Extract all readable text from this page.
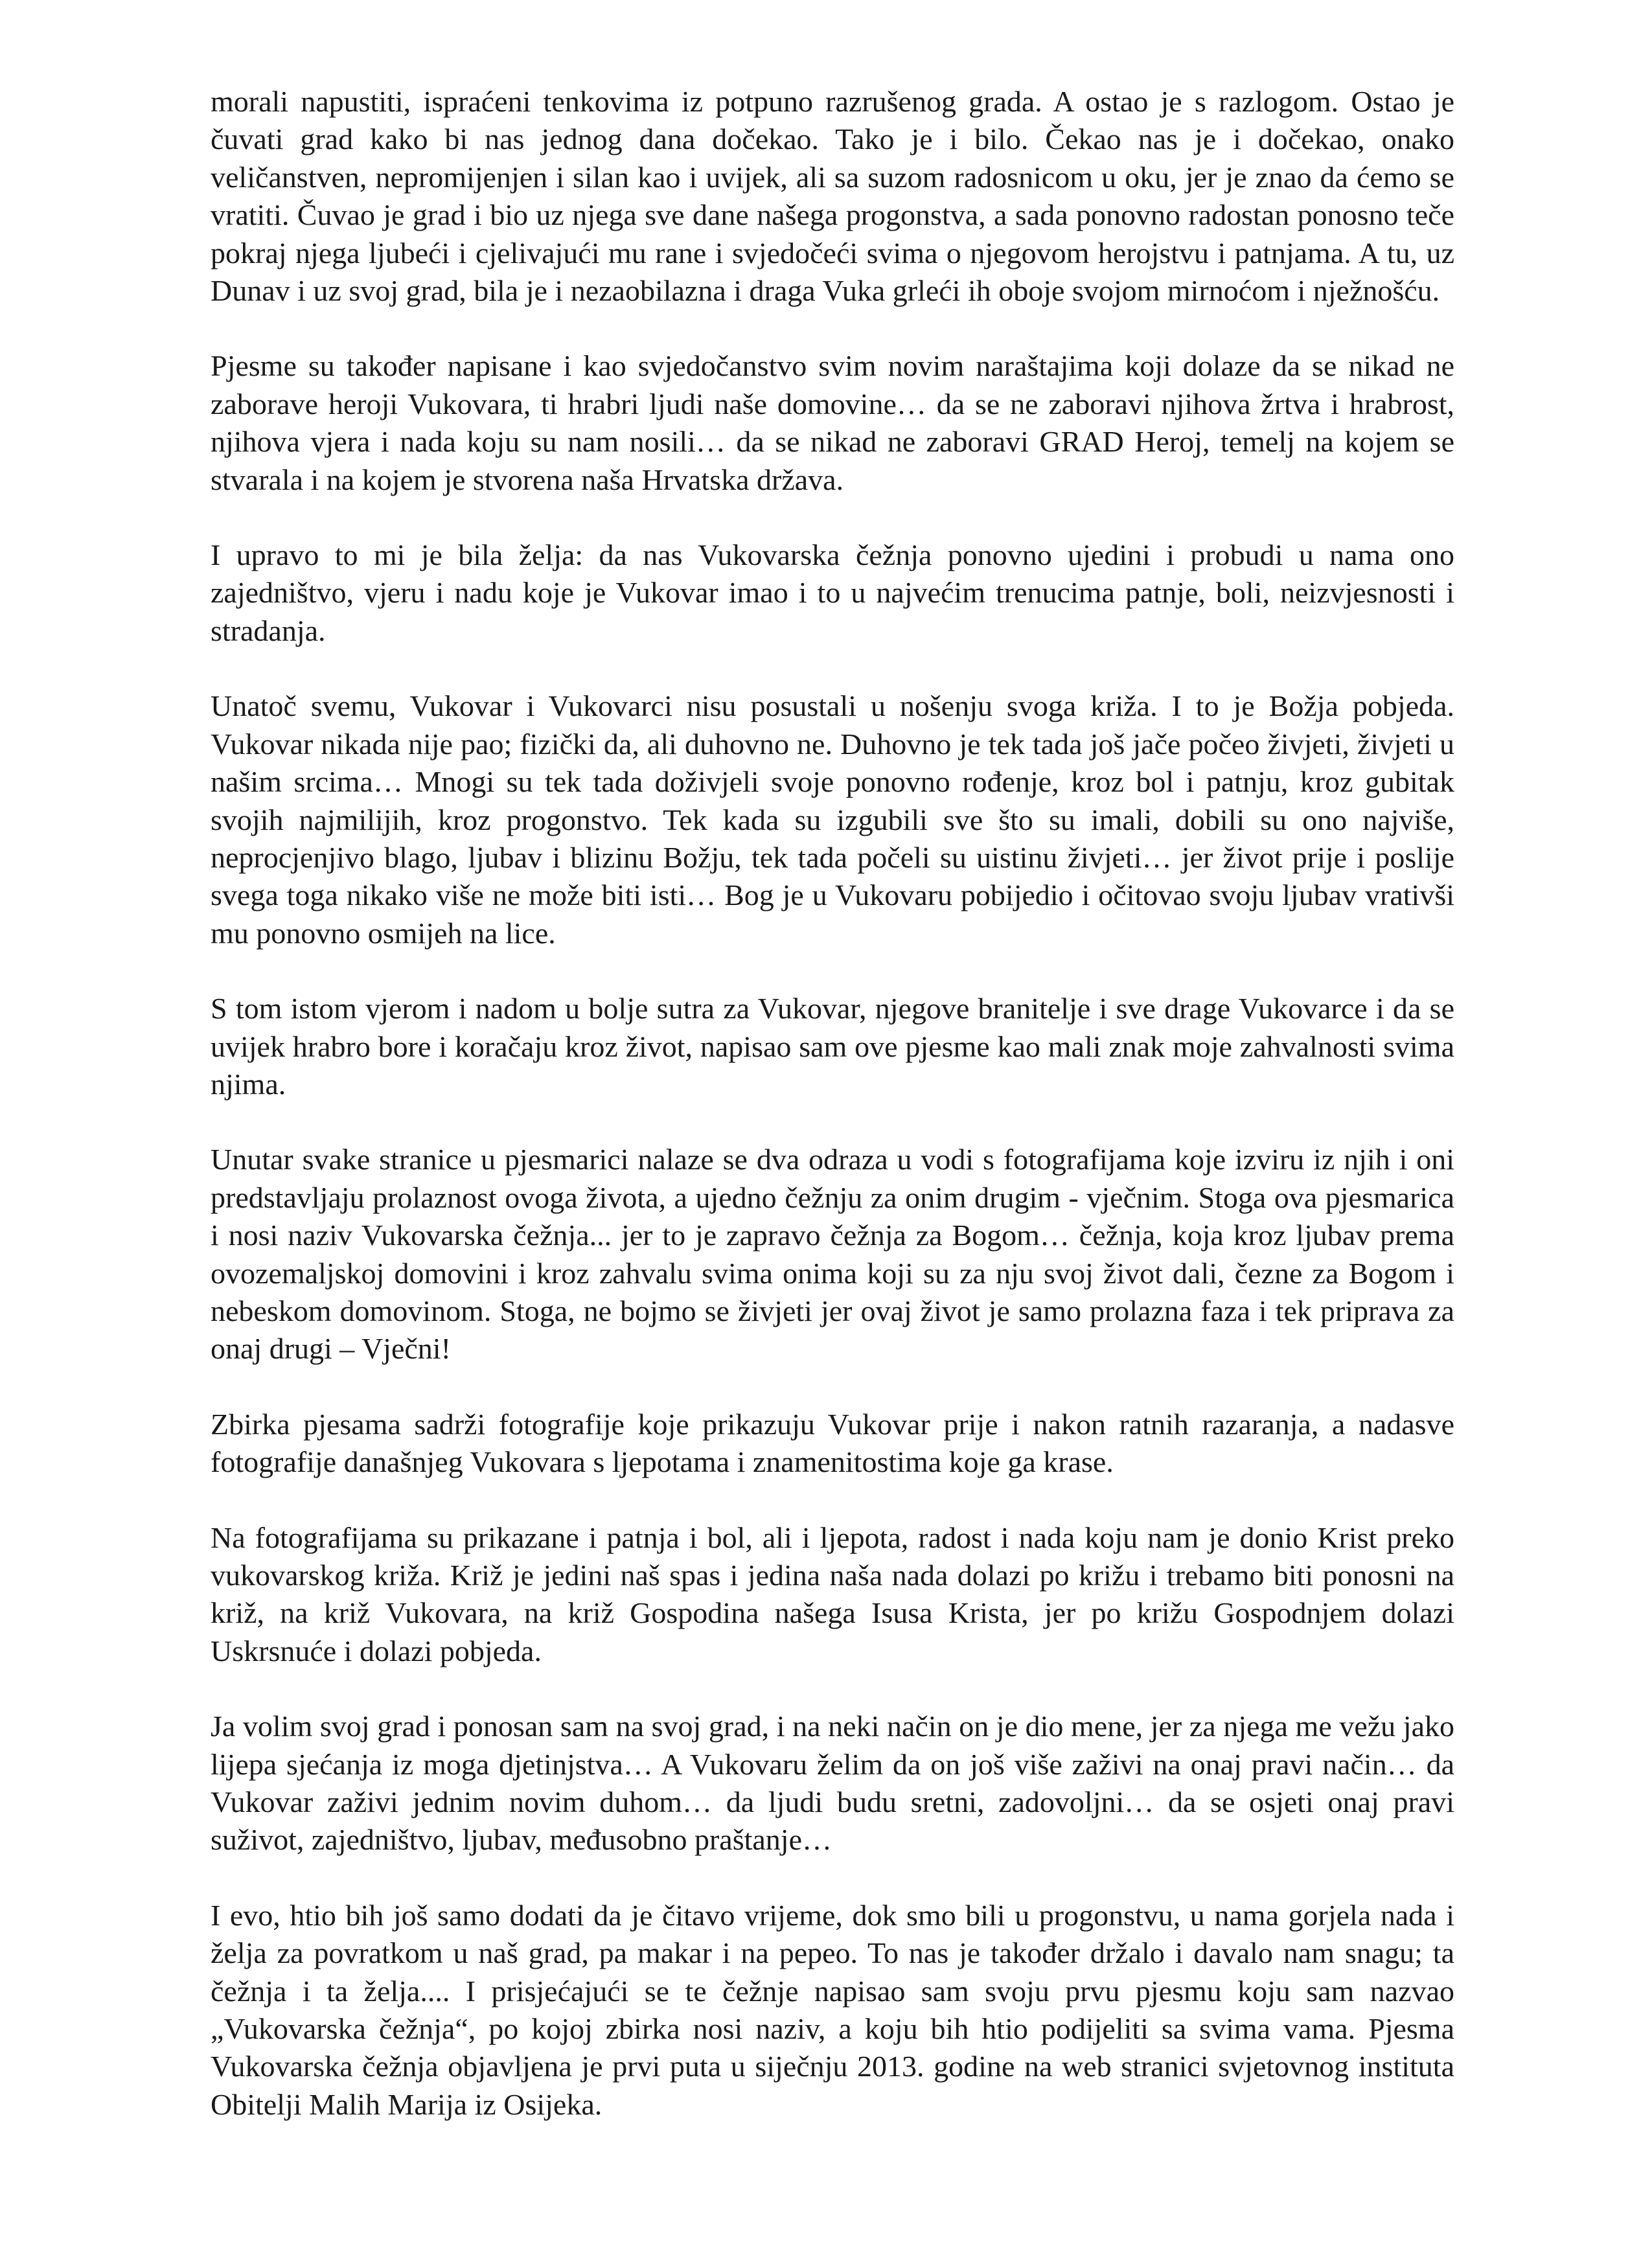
morali napustiti, ispraćeni tenkovima iz potpuno razrušenog grada. A ostao je s razlogom. Ostao je čuvati grad kako bi nas jednog dana dočekao. Tako je i bilo. Čekao nas je i dočekao, onako veličanstven, nepromijenjen i silan kao i uvijek, ali sa suzom radosnicom u oku, jer je znao da ćemo se vratiti. Čuvao je grad i bio uz njega sve dane našega progonstva, a sada ponovno radostan ponosno teče pokraj njega ljubeći i cjelivajući mu rane i svjedočeći svima o njegovom herojstvu i patnjama. A tu, uz Dunav i uz svoj grad, bila je i nezaobilazna i draga Vuka grleći ih oboje svojom mirnoćom i nježnošću.

Pjesme su također napisane i kao svjedočanstvo svim novim naraštajima koji dolaze da se nikad ne zaborave heroji Vukovara, ti hrabri ljudi naše domovine… da se ne zaboravi njihova žrtva i hrabrost, njihova vjera i nada koju su nam nosili… da se nikad ne zaboravi GRAD Heroj, temelj na kojem se stvarala i na kojem je stvorena naša Hrvatska država.

I upravo to mi je bila želja: da nas Vukovarska čežnja ponovno ujedini i probudi u nama ono zajedništvo, vjeru i nadu koje je Vukovar imao i to u najvećim trenucima patnje, boli, neizvjesnosti i stradanja.

Unatoč svemu, Vukovar i Vukovarci nisu posustali u nošenju svoga križa. I to je Božja pobjeda. Vukovar nikada nije pao; fizički da, ali duhovno ne. Duhovno je tek tada još jače počeo živjeti, živjeti u našim srcima… Mnogi su tek tada doživjeli svoje ponovno rođenje, kroz bol i patnju, kroz gubitak svojih najmilijih, kroz progonstvo. Tek kada su izgubili sve što su imali, dobili su ono najviše, neprocjenjivo blago, ljubav i blizinu Božju, tek tada počeli su uistinu živjeti… jer život prije i poslije svega toga nikako više ne može biti isti… Bog je u Vukovaru pobijedio i očitovao svoju ljubav vrativši mu ponovno osmijeh na lice.

S tom istom vjerom i nadom u bolje sutra za Vukovar, njegove branitelje i sve drage Vukovarce i da se uvijek hrabro bore i koračaju kroz život, napisao sam ove pjesme kao mali znak moje zahvalnosti svima njima.

Unutar svake stranice u pjesmarici nalaze se dva odraza u vodi s fotografijama koje izviru iz njih i oni predstavljaju prolaznost ovoga života, a ujedno čežnju za onim drugim - vječnim. Stoga ova pjesmarica i nosi naziv Vukovarska čežnja... jer to je zapravo čežnja za Bogom… čežnja, koja kroz ljubav prema ovozemaljskoj domovini i kroz zahvalu svima onima koji su za nju svoj život dali, čezne za Bogom i nebeskom domovinom. Stoga, ne bojmo se živjeti jer ovaj život je samo prolazna faza i tek priprava za onaj drugi – Vječni!

Zbirka pjesama sadrži fotografije koje prikazuju Vukovar prije i nakon ratnih razaranja, a nadasve fotografije današnjeg Vukovara s ljepotama i znamenitostima koje ga krase.

Na fotografijama su prikazane i patnja i bol, ali i ljepota, radost i nada koju nam je donio Krist preko vukovarskog križa. Križ je jedini naš spas i jedina naša nada dolazi po križu i trebamo biti ponosni na križ, na križ Vukovara, na križ Gospodina našega Isusa Krista, jer po križu Gospodnjem dolazi Uskrsnuće i dolazi pobjeda.

Ja volim svoj grad i ponosan sam na svoj grad, i na neki način on je dio mene, jer za njega me vežu jako lijepa sjećanja iz moga djetinjstva… A Vukovaru želim da on još više zaživi na onaj pravi način… da Vukovar zaživi jednim novim duhom… da ljudi budu sretni, zadovoljni… da se osjeti onaj pravi suživot, zajedništvo, ljubav, međusobno praštanje…

I evo, htio bih još samo dodati da je čitavo vrijeme, dok smo bili u progonstvu, u nama gorjela nada i želja za povratkom u naš grad, pa makar i na pepeo. To nas je također držalo i davalo nam snagu; ta čežnja i ta želja.... I prisjećajući se te čežnje napisao sam svoju prvu pjesmu koju sam nazvao „Vukovarska čežnja“, po kojoj zbirka nosi naziv, a koju bih htio podijeliti sa svima vama. Pjesma Vukovarska čežnja objavljena je prvi puta u siječnju 2013. godine na web stranici svjetovnog instituta Obitelji Malih Marija iz Osijeka.
